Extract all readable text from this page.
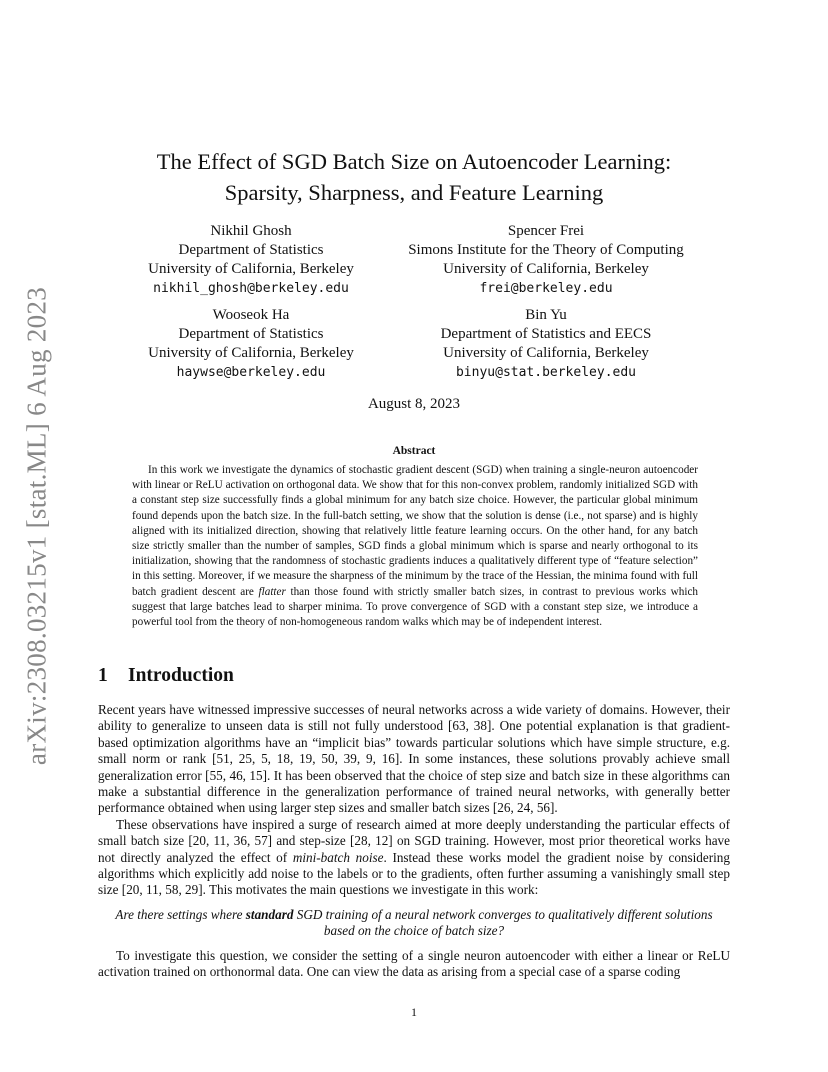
arXiv:2308.03215v1 [stat.ML] 6 Aug 2023
The Effect of SGD Batch Size on Autoencoder Learning:
Sparsity, Sharpness, and Feature Learning
Nikhil Ghosh
Department of Statistics
University of California, Berkeley
nikhil_ghosh@berkeley.edu
Spencer Frei
Simons Institute for the Theory of Computing
University of California, Berkeley
frei@berkeley.edu
Wooseok Ha
Department of Statistics
University of California, Berkeley
haywse@berkeley.edu
Bin Yu
Department of Statistics and EECS
University of California, Berkeley
binyu@stat.berkeley.edu
August 8, 2023
Abstract

In this work we investigate the dynamics of stochastic gradient descent (SGD) when training a single-neuron autoencoder with linear or ReLU activation on orthogonal data. We show that for this non-convex problem, randomly initialized SGD with a constant step size successfully finds a global minimum for any batch size choice. However, the particular global minimum found depends upon the batch size. In the full-batch setting, we show that the solution is dense (i.e., not sparse) and is highly aligned with its initialized direction, showing that relatively little feature learning occurs. On the other hand, for any batch size strictly smaller than the number of samples, SGD finds a global minimum which is sparse and nearly orthogonal to its initialization, showing that the randomness of stochastic gradients induces a qualitatively different type of “feature selection” in this setting. Moreover, if we measure the sharpness of the minimum by the trace of the Hessian, the minima found with full batch gradient descent are flatter than those found with strictly smaller batch sizes, in contrast to previous works which suggest that large batches lead to sharper minima. To prove convergence of SGD with a constant step size, we introduce a powerful tool from the theory of non-homogeneous random walks which may be of independent interest.

1 Introduction

Recent years have witnessed impressive successes of neural networks across a wide variety of domains. However, their ability to generalize to unseen data is still not fully understood [63, 38]. One potential explanation is that gradient-based optimization algorithms have an “implicit bias” towards particular solutions which have simple structure, e.g. small norm or rank [51, 25, 5, 18, 19, 50, 39, 9, 16]. In some instances, these solutions provably achieve small generalization error [55, 46, 15]. It has been observed that the choice of step size and batch size in these algorithms can make a substantial difference in the generalization performance of trained neural networks, with generally better performance obtained when using larger step sizes and smaller batch sizes [26, 24, 56].

These observations have inspired a surge of research aimed at more deeply understanding the particular effects of small batch size [20, 11, 36, 57] and step-size [28, 12] on SGD training. However, most prior theoretical works have not directly analyzed the effect of mini-batch noise. Instead these works model the gradient noise by considering algorithms which explicitly add noise to the labels or to the gradients, often further assuming a vanishingly small step size [20, 11, 58, 29]. This motivates the main questions we investigate in this work:

Are there settings where standard SGD training of a neural network converges to qualitatively different solutions based on the choice of batch size?

To investigate this question, we consider the setting of a single neuron autoencoder with either a linear or ReLU activation trained on orthonormal data. One can view the data as arising from a special case of a sparse coding

1
